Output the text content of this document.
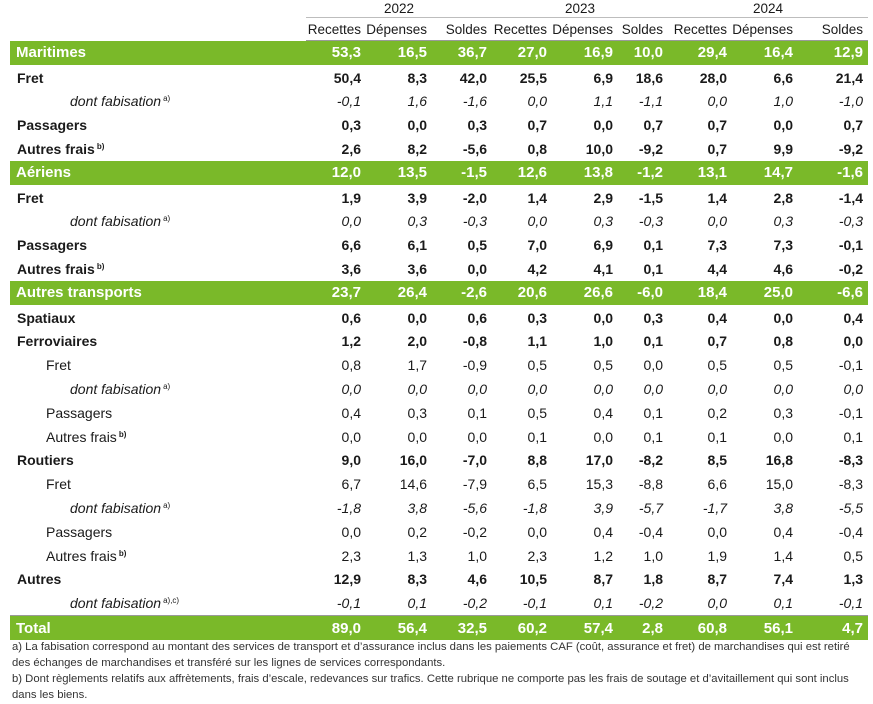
	2022			2023			2024		
	Recettes	Dépenses	Soldes	Recettes	Dépenses	Soldes	Recettes	Dépenses	Soldes
Maritimes	53,3	16,5	36,7	27,0	16,9	10,0	29,4	16,4	12,9
Fret	50,4	8,3	42,0	25,5	6,9	18,6	28,0	6,6	21,4
dont fabisation $^{a)}$	-0,1	1,6	-1,6	0,0	1,1	-1,1	0,0	1,0	-1,0
Passagers	0,3	0,0	0,3	0,7	0,0	0,7	0,7	0,0	0,7
Autres frais $^{b)}$	2,6	8,2	-5,6	0,8	10,0	-9,2	0,7	9,9	-9,2
Aériens	12,0	13,5	-1,5	12,6	13,8	-1,2	13,1	14,7	-1,6
Fret	1,9	3,9	-2,0	1,4	2,9	-1,5	1,4	2,8	-1,4
dont fabisation $^{a)}$	0,0	0,3	-0,3	0,0	0,3	-0,3	0,0	0,3	-0,3
Passagers	6,6	6,1	0,5	7,0	6,9	0,1	7,3	7,3	-0,1
Autres frais $^{b)}$	3,6	3,6	0,0	4,2	4,1	0,1	4,4	4,6	-0,2
Autres transports	23,7	26,4	-2,6	20,6	26,6	-6,0	18,4	25,0	-6,6
Spatiaux	0,6	0,0	0,6	0,3	0,0	0,3	0,4	0,0	0,4
Ferroviaires	1,2	2,0	-0,8	1,1	1,0	0,1	0,7	0,8	0,0
Fret	0,8	1,7	-0,9	0,5	0,5	0,0	0,5	0,5	-0,1
dont fabisation $^{a)}$	0,0	0,0	0,0	0,0	0,0	0,0	0,0	0,0	0,0
Passagers	0,4	0,3	0,1	0,5	0,4	0,1	0,2	0,3	-0,1
Autres frais $^{b)}$	0,0	0,0	0,0	0,1	0,0	0,1	0,1	0,0	0,1
Routiers	9,0	16,0	-7,0	8,8	17,0	-8,2	8,5	16,8	-8,3
Fret	6,7	14,6	-7,9	6,5	15,3	-8,8	6,6	15,0	-8,3
dont fabisation $^{a)}$	-1,8	3,8	-5,6	-1,8	3,9	-5,7	-1,7	3,8	-5,5
Passagers	0,0	0,2	-0,2	0,0	0,4	-0,4	0,0	0,4	-0,4
Autres frais $^{b)}$	2,3	1,3	1,0	2,3	1,2	1,0	1,9	1,4	0,5
Autres	12,9	8,3	4,6	10,5	8,7	1,8	8,7	7,4	1,3
dont fabisation $^{a),c)}$	-0,1	0,1	-0,2	-0,1	0,1	-0,2	0,0	0,1	-0,1
Total	89,0	56,4	32,5	60,2	57,4	2,8	60,8	56,1	4,7

a) La fabisation correspond au montant des services de transport et d’assurance inclus dans les paiements CAF (coût, assurance et fret) de marchandises qui est retiré des échanges de marchandises et transféré sur les lignes de services correspondants.

b) Dont règlements relatifs aux affrètements, frais d’escale, redevances sur trafics. Cette rubrique ne comporte pas les frais de soutage et d’avitaillement qui sont inclus dans les biens.
